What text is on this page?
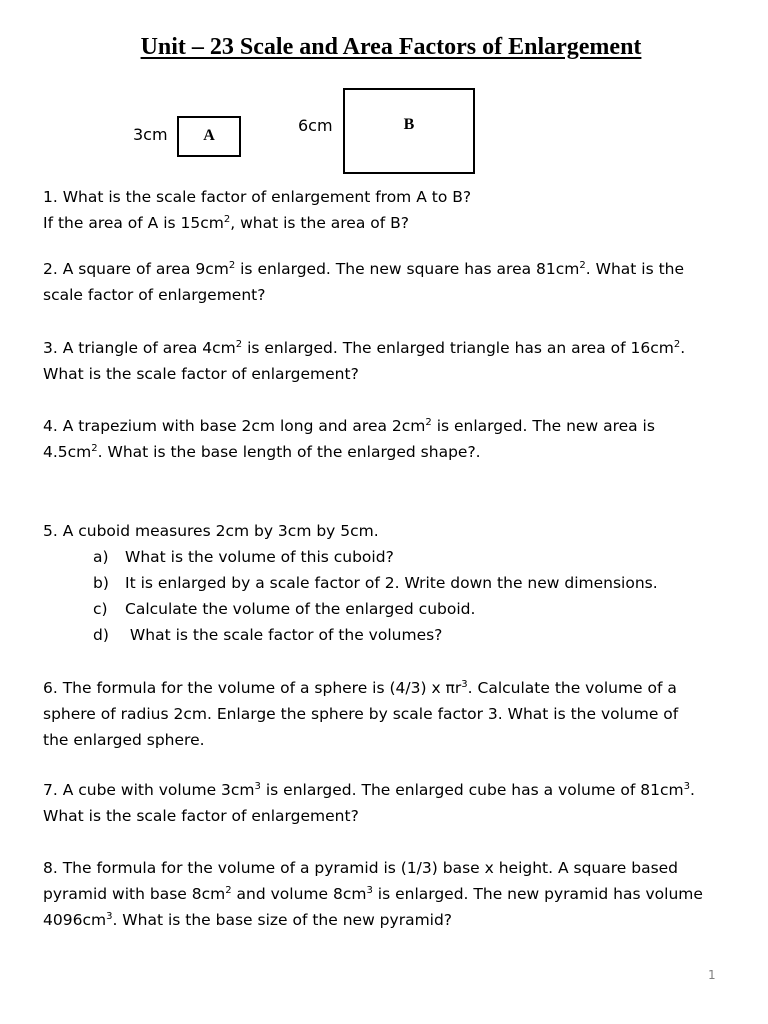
Unit – 23 Scale and Area Factors of Enlargement
3cm	A
6cm	B
1. What is the scale factor of enlargement from A to B?
If the area of A is $15cm^2$, what is the area of B?
2. A square of area $9cm^2$ is enlarged. The new square has area $81cm^2$. What is the
scale factor of enlargement?
3. A triangle of area $4cm^2$ is enlarged. The enlarged triangle has an area of $16cm^2$.
What is the scale factor of enlargement?
4. A trapezium with base 2cm long and area $2cm^2$ is enlarged. The new area is
$4.5cm^2$. What is the base length of the enlarged shape?.
5. A cuboid measures 2cm by 3cm by 5cm.
a) What is the volume of this cuboid?
b) It is enlarged by a scale factor of 2. Write down the new dimensions.
c) Calculate the volume of the enlarged cuboid.
d) What is the scale factor of the volumes?
6. The formula for the volume of a sphere is (4/3) x $\pi r^3$. Calculate the volume of a
sphere of radius 2cm. Enlarge the sphere by scale factor 3. What is the volume of
the enlarged sphere.
7. A cube with volume $3cm^3$ is enlarged. The enlarged cube has a volume of $81cm^3$.
What is the scale factor of enlargement?
8. The formula for the volume of a pyramid is (1/3) base x height. A square based
pyramid with base $8cm^2$ and volume $8cm^3$ is enlarged. The new pyramid has volume
$4096cm^3$. What is the base size of the new pyramid?
1
